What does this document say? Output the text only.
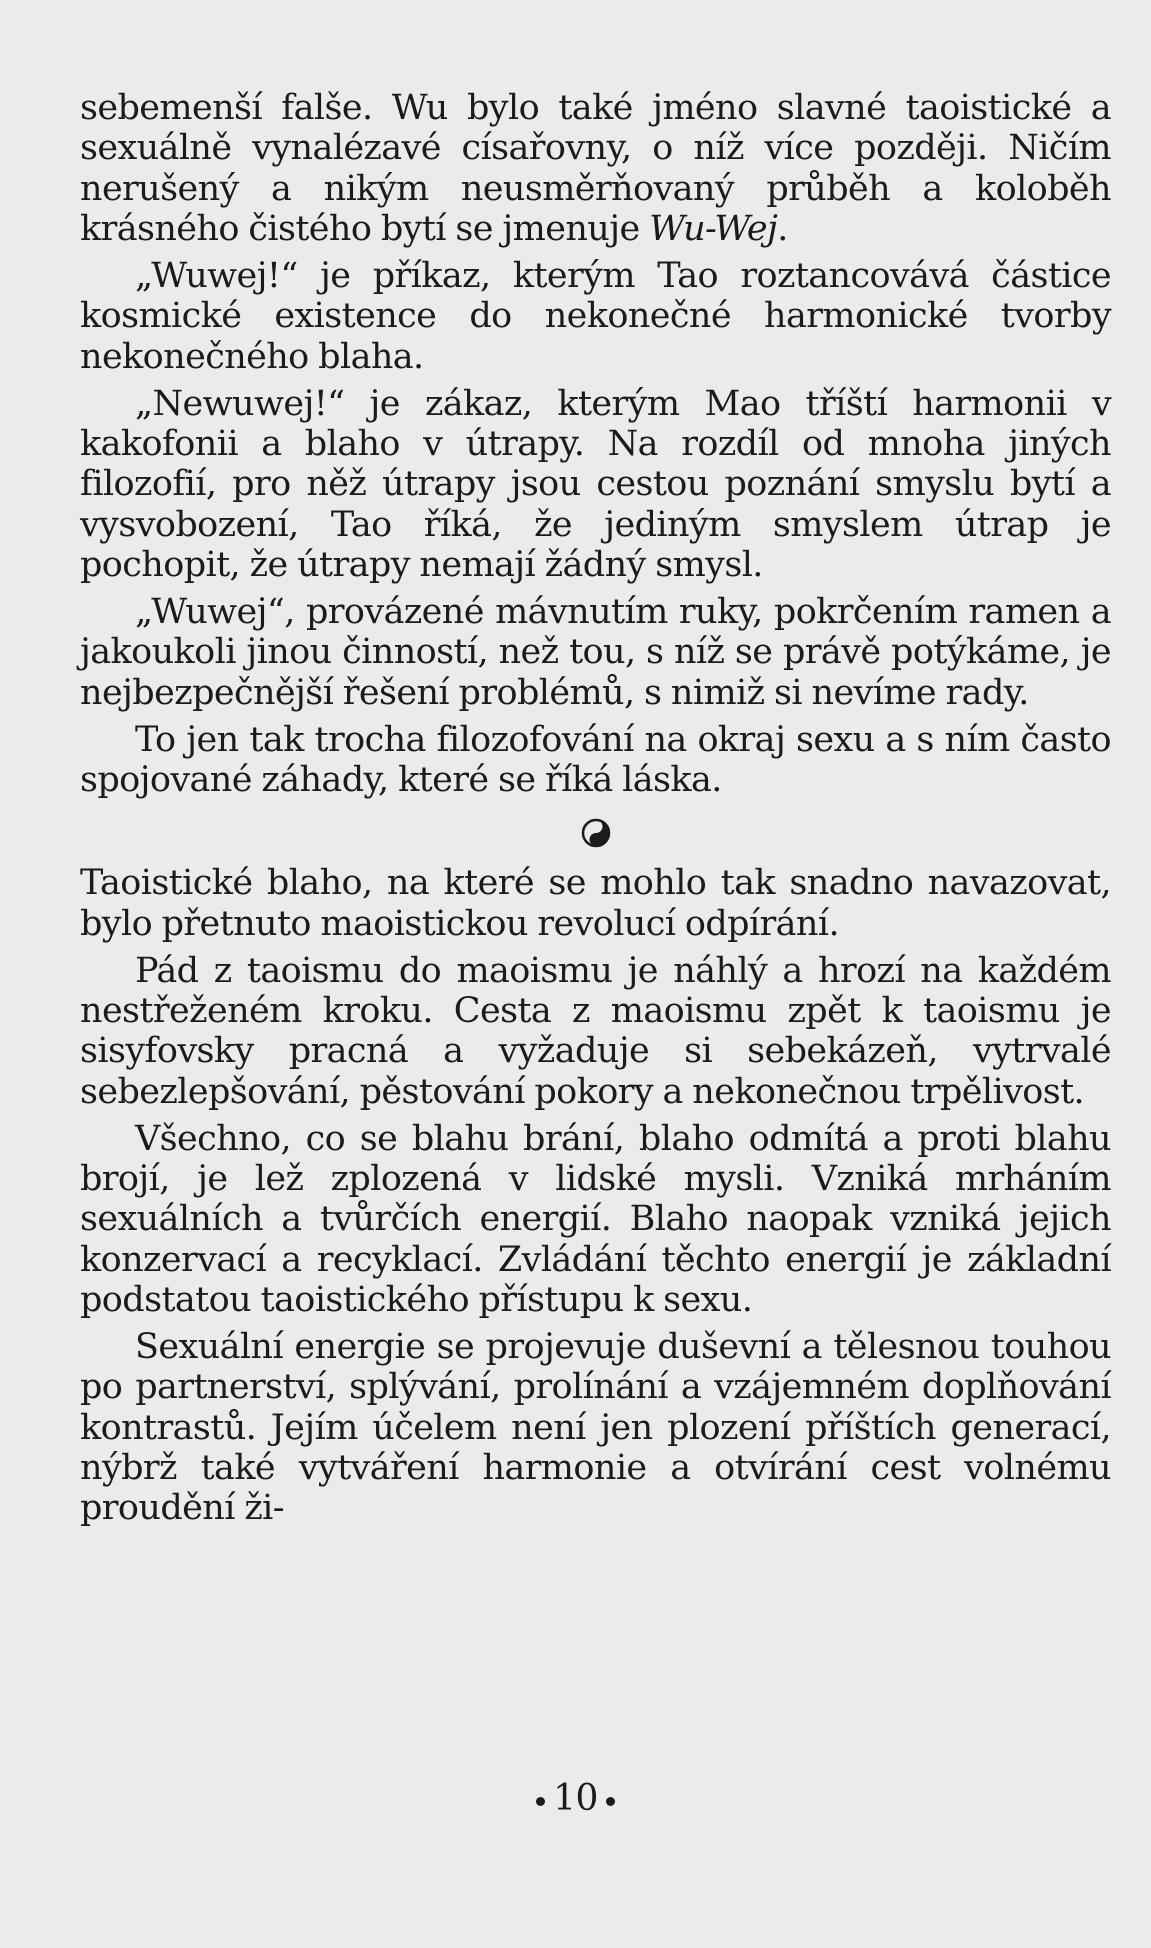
sebemenší falše. Wu bylo také jméno slavné taoistické a sexuálně vynalézavé císařovny, o níž více později. Ničím nerušený a nikým neusměrňovaný průběh a koloběh krásného čistého bytí se jmenuje Wu-Wej.

„Wuwej!“ je příkaz, kterým Tao roztancovává částice kosmické existence do nekonečné harmonické tvorby nekonečného blaha.

„Newuwej!“ je zákaz, kterým Mao tříští harmonii v kakofonii a blaho v útrapy. Na rozdíl od mnoha jiných filozofií, pro něž útrapy jsou cestou poznání smyslu bytí a vysvobození, Tao říká, že jediným smyslem útrap je pochopit, že útrapy nemají žádný smysl.

„Wuwej“, provázené mávnutím ruky, pokrčením ramen a jakoukoli jinou činností, než tou, s níž se právě potýkáme, je nejbezpečnější řešení problémů, s nimiž si nevíme rady.

To jen tak trocha filozofování na okraj sexu a s ním často spojované záhady, které se říká láska.

Taoistické blaho, na které se mohlo tak snadno navazovat, bylo přetnuto maoistickou revolucí odpírání.

Pád z taoismu do maoismu je náhlý a hrozí na každém nestřeženém kroku. Cesta z maoismu zpět k taoismu je sisyfovsky pracná a vyžaduje si sebekázeň, vytrvalé sebezlepšování, pěstování pokory a nekonečnou trpělivost.

Všechno, co se blahu brání, blaho odmítá a proti blahu brojí, je lež zplozená v lidské mysli. Vzniká mrháním sexuálních a tvůrčích energií. Blaho naopak vzniká jejich konzervací a recyklací. Zvládání těchto energií je základní podstatou taoistického přístupu k sexu.

Sexuální energie se projevuje duševní a tělesnou touhou po partnerství, splývání, prolínání a vzájemném doplňování kontrastů. Jejím účelem není jen plození příštích generací, nýbrž také vytváření harmonie a otvírání cest volnému proudění ži-

10
